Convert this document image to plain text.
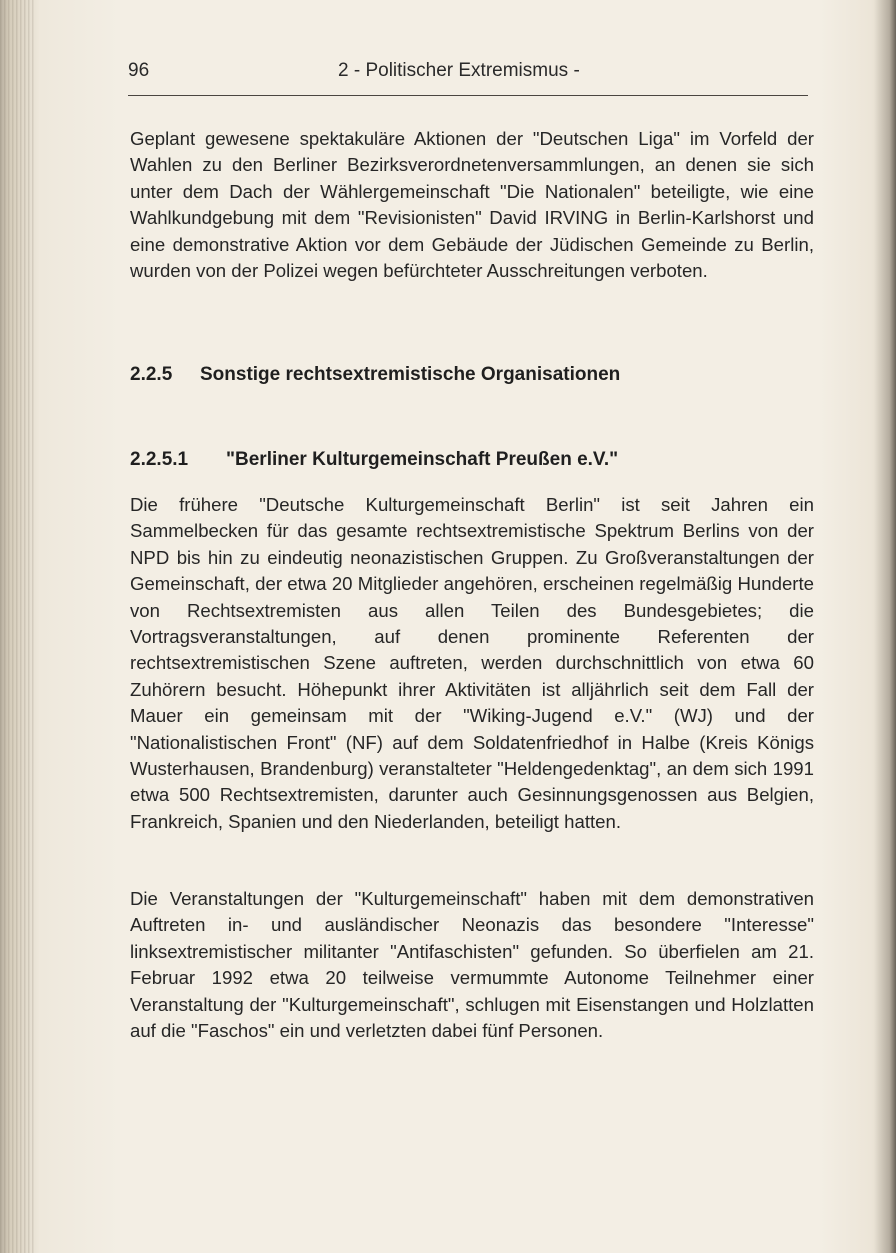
96	2 - Politischer Extremismus -

Geplant gewesene spektakuläre Aktionen der "Deutschen Liga" im Vorfeld der Wahlen zu den Berliner Bezirksverordnetenversammlungen, an denen sie sich unter dem Dach der Wählergemeinschaft "Die Nationalen" beteiligte, wie eine Wahlkundgebung mit dem "Revisionisten" David IRVING in Berlin-Karlshorst und eine demonstrative Aktion vor dem Gebäude der Jüdischen Gemeinde zu Berlin, wurden von der Polizei wegen befürchteter Ausschreitungen verboten.

2.2.5 Sonstige rechtsextremistische Organisationen
2.2.5.1 "Berliner Kulturgemeinschaft Preußen e.V."

Die frühere "Deutsche Kulturgemeinschaft Berlin" ist seit Jahren ein Sammelbecken für das gesamte rechtsextremistische Spektrum Berlins von der NPD bis hin zu eindeutig neonazistischen Gruppen. Zu Großveranstaltungen der Gemeinschaft, der etwa 20 Mitglieder angehören, erscheinen regelmäßig Hunderte von Rechtsextremisten aus allen Teilen des Bundesgebietes; die Vortragsveranstaltungen, auf denen prominente Referenten der rechtsextremistischen Szene auftreten, werden durchschnittlich von etwa 60 Zuhörern besucht. Höhepunkt ihrer Aktivitäten ist alljährlich seit dem Fall der Mauer ein gemeinsam mit der "Wiking-Jugend e.V." (WJ) und der "Nationalistischen Front" (NF) auf dem Soldatenfriedhof in Halbe (Kreis Königs Wusterhausen, Brandenburg) veranstalteter "Heldengedenktag", an dem sich 1991 etwa 500 Rechtsextremisten, darunter auch Gesinnungsgenossen aus Belgien, Frankreich, Spanien und den Niederlanden, beteiligt hatten.

Die Veranstaltungen der "Kulturgemeinschaft" haben mit dem demonstrativen Auftreten in- und ausländischer Neonazis das besondere "Interesse" linksextremistischer militanter "Antifaschisten" gefunden. So überfielen am 21. Februar 1992 etwa 20 teilweise vermummte Autonome Teilnehmer einer Veranstaltung der "Kulturgemeinschaft", schlugen mit Eisenstangen und Holzlatten auf die "Faschos" ein und verletzten dabei fünf Personen.
